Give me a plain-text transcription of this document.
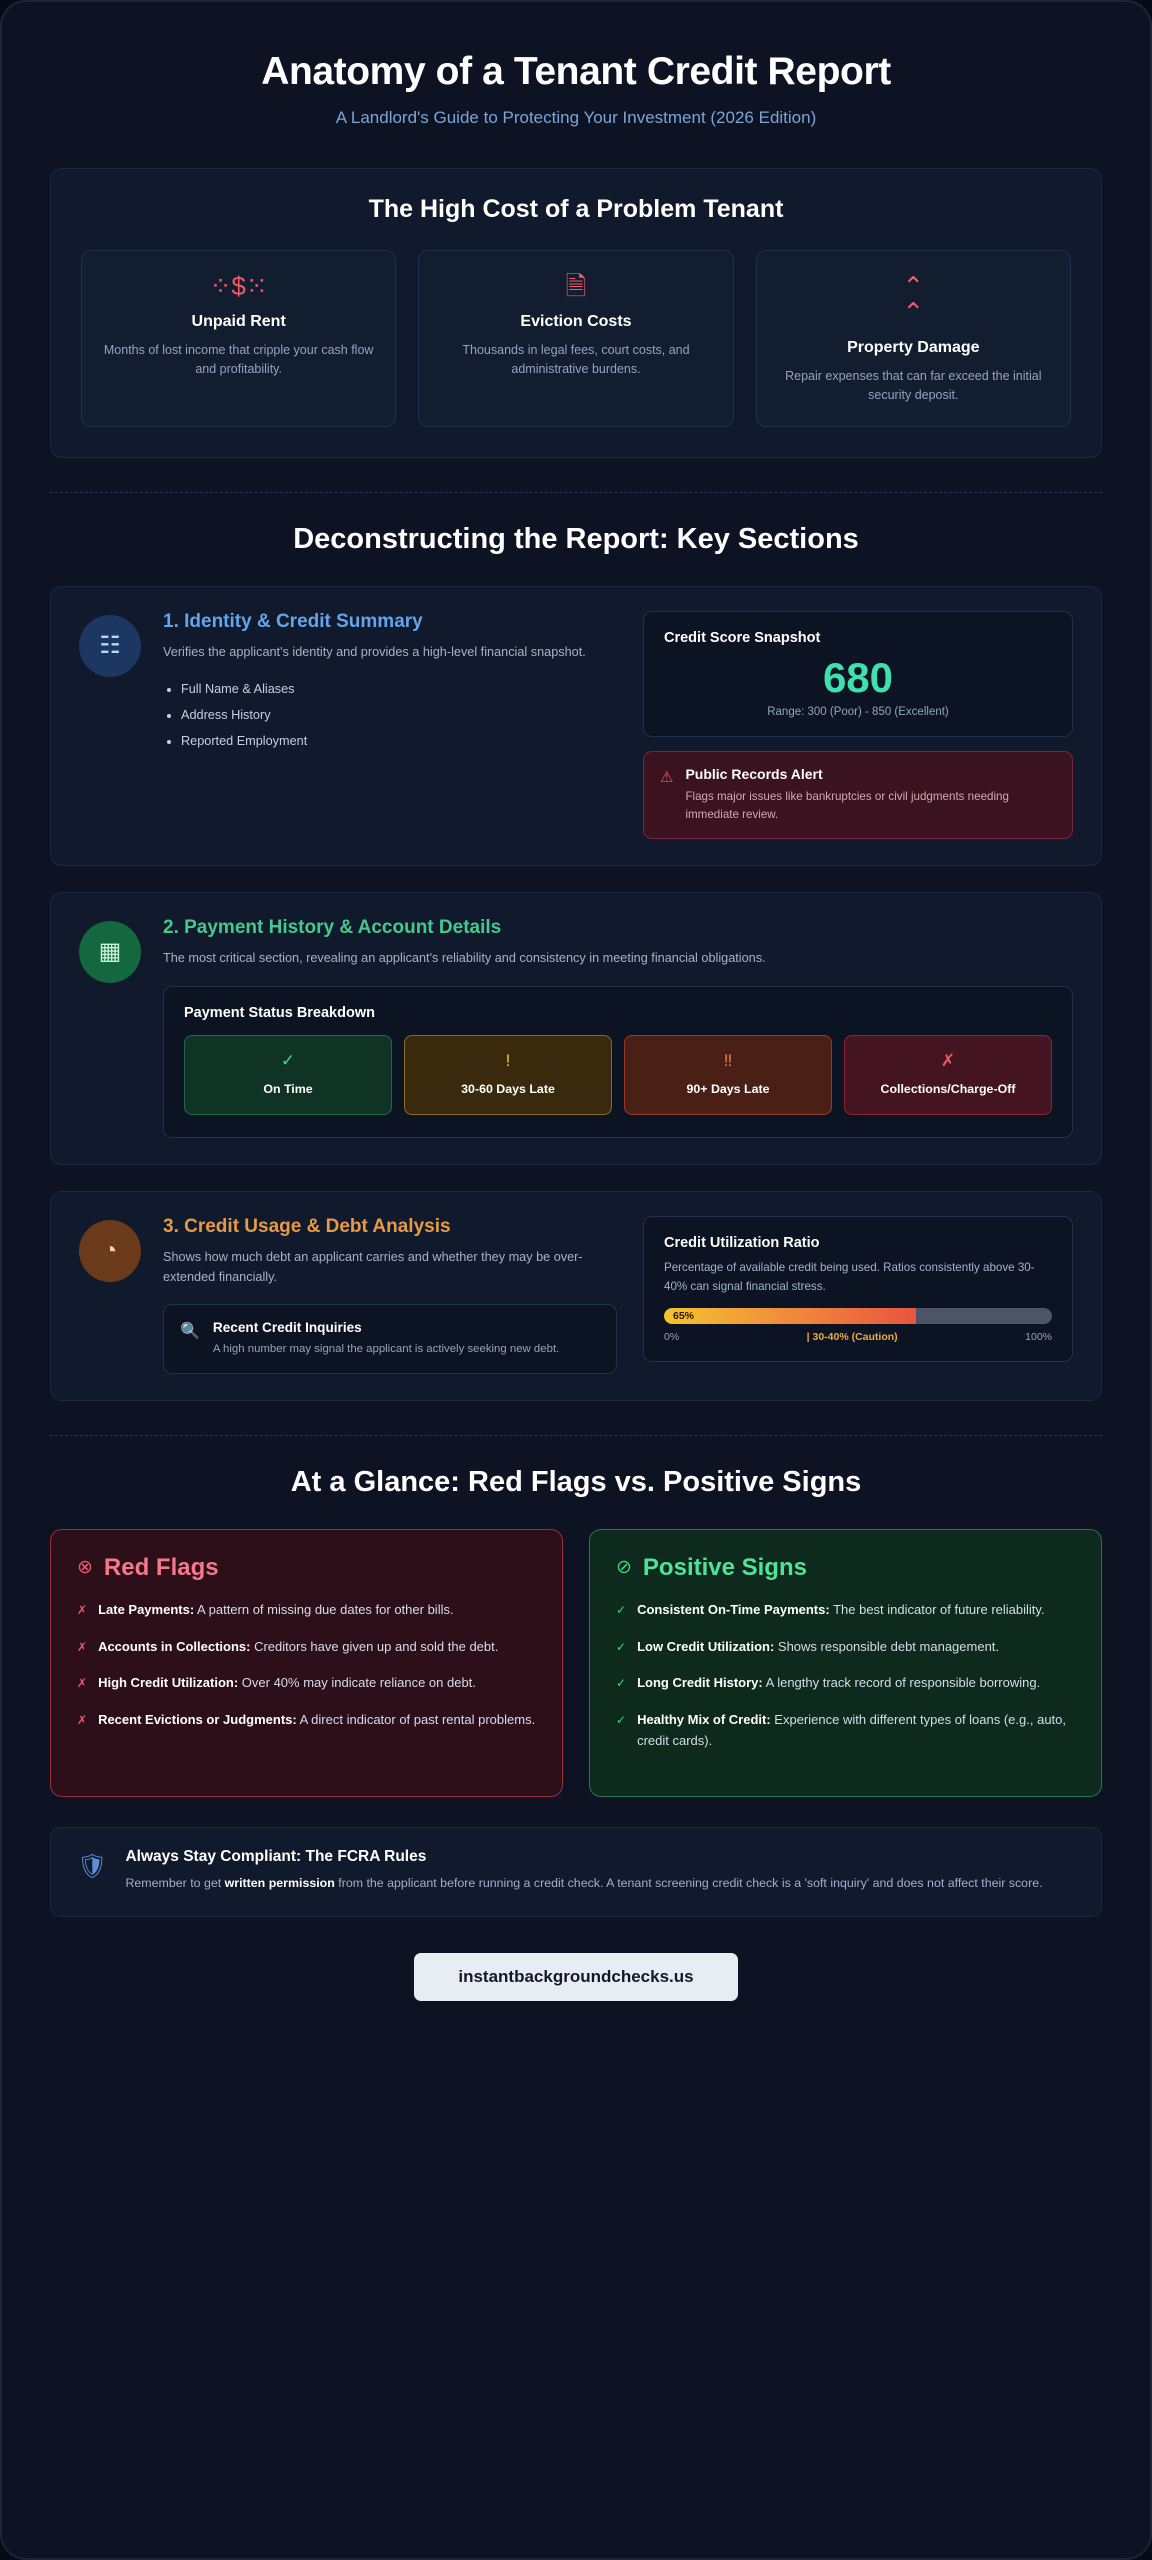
Anatomy of a Tenant Credit Report
A Landlord's Guide to Protecting Your Investment (2026 Edition)
The High Cost of a Problem Tenant
⁘$⁙
Unpaid Rent

Months of lost income that cripple your cash flow and profitability.

🗎
Eviction Costs

Thousands in legal fees, court costs, and administrative burdens.

⌃
⌃
Property Damage

Repair expenses that can far exceed the initial security deposit.

Deconstructing the Report: Key Sections
☷
1. Identity & Credit Summary
Verifies the applicant's identity and provides a high-level financial snapshot.
• Full Name & Aliases
• Address History
• Reported Employment
Credit Score Snapshot
680
Range: 300 (Poor) - 850 (Excellent)
⚠ Public Records Alert

Flags major issues like bankruptcies or civil judgments needing immediate review.

▦
2. Payment History & Account Details
The most critical section, revealing an applicant's reliability and consistency in meeting financial obligations.
Payment Status Breakdown
✓
On Time
!
30-60 Days Late
‼
90+ Days Late
✗
Collections/Charge-Off
◔
3. Credit Usage & Debt Analysis
Shows how much debt an applicant carries and whether they may be over-extended financially.
🔍 Recent Credit Inquiries

A high number may signal the applicant is actively seeking new debt.

Credit Utilization Ratio

Percentage of available credit being used. Ratios consistently above 30-40% can signal financial stress.

65%
0%	| 30-40% (Caution)	100%
At a Glance: Red Flags vs. Positive Signs
⊗ Red Flags
✗ Late Payments: A pattern of missing due dates for other bills.

✗ Accounts in Collections: Creditors have given up and sold the debt.

✗ High Credit Utilization: Over 40% may indicate reliance on debt.

✗ Recent Evictions or Judgments: A direct indicator of past rental problems.

⊘ Positive Signs
✓ Consistent On-Time Payments: The best indicator of future reliability.

✓ Low Credit Utilization: Shows responsible debt management.

✓ Long Credit History: A lengthy track record of responsible borrowing.

✓ Healthy Mix of Credit: Experience with different types of loans (e.g., auto, credit cards).

🛡 Always Stay Compliant: The FCRA Rules

Remember to get written permission from the applicant before running a credit check. A tenant screening credit check is a 'soft inquiry' and does not affect their score.

instantbackgroundchecks.us
